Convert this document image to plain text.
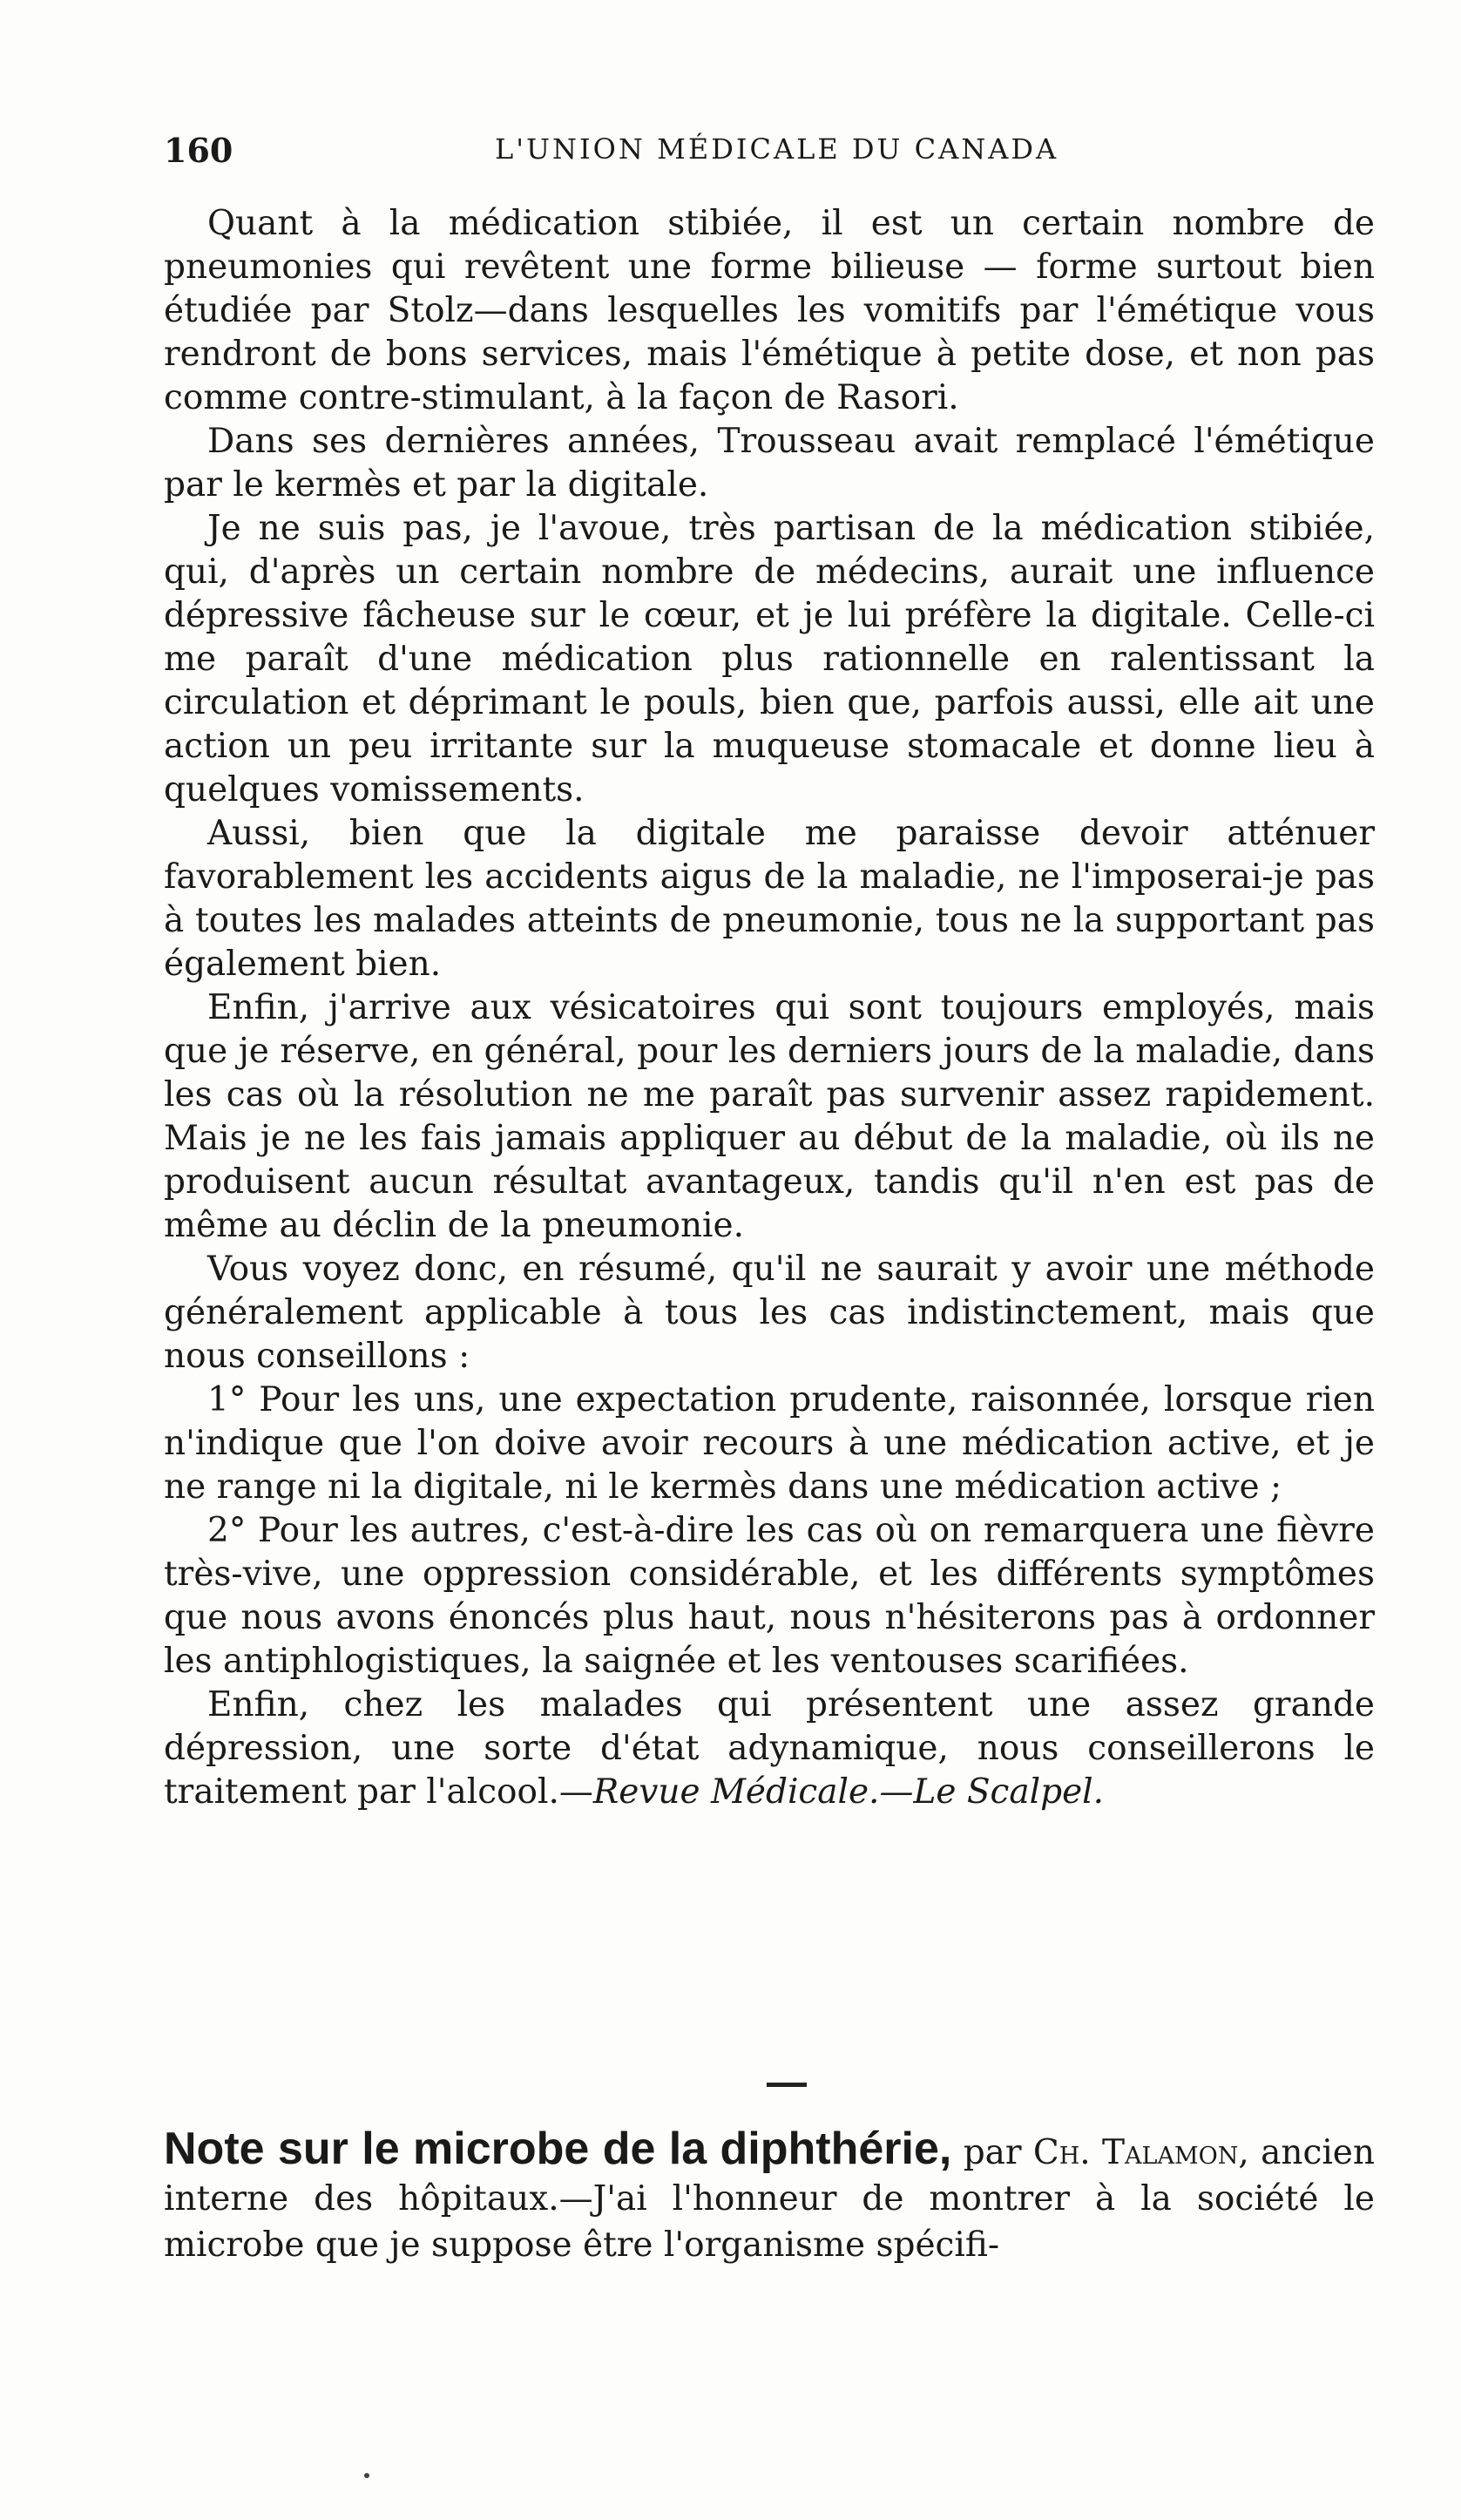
160	L'UNION MÉDICALE DU CANADA

Quant à la médication stibiée, il est un certain nombre de pneumonies qui revêtent une forme bilieuse — forme surtout bien étudiée par Stolz—dans lesquelles les vomitifs par l'émétique vous rendront de bons services, mais l'émétique à petite dose, et non pas comme contre-stimulant, à la façon de Rasori.

Dans ses dernières années, Trousseau avait remplacé l'émétique par le kermès et par la digitale.

Je ne suis pas, je l'avoue, très partisan de la médication stibiée, qui, d'après un certain nombre de médecins, aurait une influence dépressive fâcheuse sur le cœur, et je lui préfère la digitale. Celle-ci me paraît d'une médication plus rationnelle en ralentissant la circulation et déprimant le pouls, bien que, parfois aussi, elle ait une action un peu irritante sur la muqueuse stomacale et donne lieu à quelques vomissements.

Aussi, bien que la digitale me paraisse devoir atténuer favorablement les accidents aigus de la maladie, ne l'imposerai-je pas à toutes les malades atteints de pneumonie, tous ne la supportant pas également bien.

Enfin, j'arrive aux vésicatoires qui sont toujours employés, mais que je réserve, en général, pour les derniers jours de la maladie, dans les cas où la résolution ne me paraît pas survenir assez rapidement. Mais je ne les fais jamais appliquer au début de la maladie, où ils ne produisent aucun résultat avantageux, tandis qu'il n'en est pas de même au déclin de la pneumonie.

Vous voyez donc, en résumé, qu'il ne saurait y avoir une méthode généralement applicable à tous les cas indistinctement, mais que nous conseillons :

1° Pour les uns, une expectation prudente, raisonnée, lorsque rien n'indique que l'on doive avoir recours à une médication active, et je ne range ni la digitale, ni le kermès dans une médication active ;

2° Pour les autres, c'est-à-dire les cas où on remarquera une fièvre très-vive, une oppression considérable, et les différents symptômes que nous avons énoncés plus haut, nous n'hésiterons pas à ordonner les antiphlogistiques, la saignée et les ventouses scarifiées.

Enfin, chez les malades qui présentent une assez grande dépression, une sorte d'état adynamique, nous conseillerons le traitement par l'alcool.—Revue Médicale.—Le Scalpel.

Note sur le microbe de la diphthérie, par Ch. Talamon, ancien interne des hôpitaux.—J'ai l'honneur de montrer à la société le microbe que je suppose être l'organisme spécifi-
